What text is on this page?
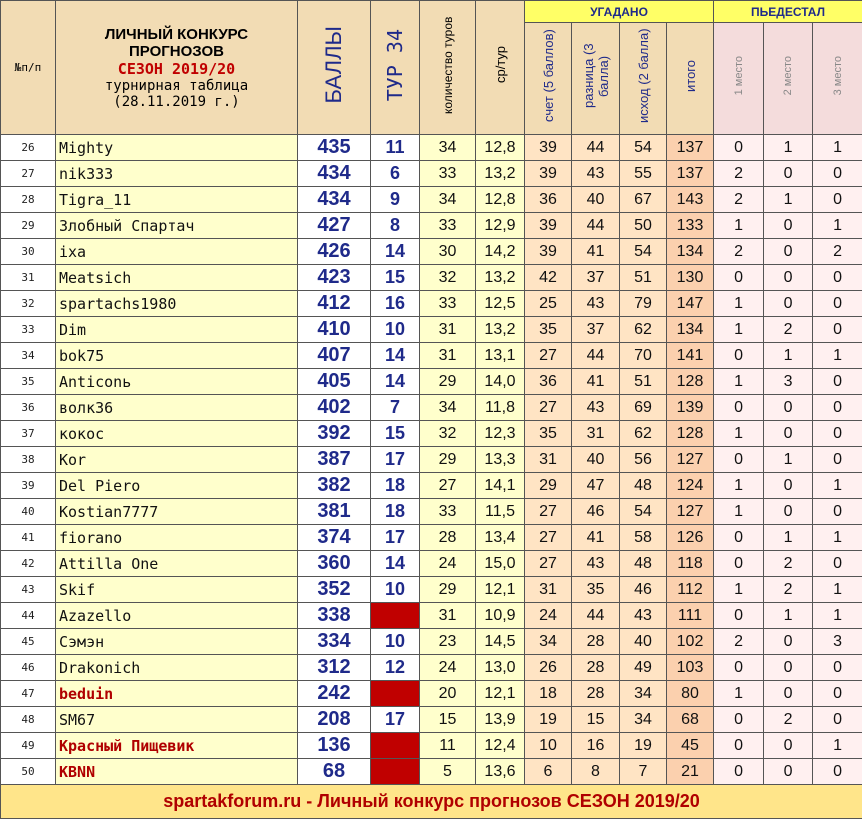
№п/п	ЛИЧНЫЙ КОНКУРС
ПРОГНОЗОВ
СЕЗОН 2019/20
турнирная таблица
(28.11.2019 г.)	БАЛЛЫ	ТУР 34	количество туров	ср/тур	УГАДАНО				ПЬЕДЕСТАЛ		
						счет (5 баллов)	разница (3 балла)	исход (2 балла)	итого	1 место	2 место	3 место
26	Mighty	435	11	34	12,8	39	44	54	137	0	1	1
27	nik333	434	6	33	13,2	39	43	55	137	2	0	0
28	Tigra_11	434	9	34	12,8	36	40	67	143	2	1	0
29	Злобный Спартач	427	8	33	12,9	39	44	50	133	1	0	1
30	ixa	426	14	30	14,2	39	41	54	134	2	0	2
31	Meatsich	423	15	32	13,2	42	37	51	130	0	0	0
32	spartachs1980	412	16	33	12,5	25	43	79	147	1	0	0
33	Dim	410	10	31	13,2	35	37	62	134	1	2	0
34	bok75	407	14	31	13,1	27	44	70	141	0	1	1
35	Anticonь	405	14	29	14,0	36	41	51	128	1	3	0
36	волк36	402	7	34	11,8	27	43	69	139	0	0	0
37	кокос	392	15	32	12,3	35	31	62	128	1	0	0
38	Kor	387	17	29	13,3	31	40	56	127	0	1	0
39	Del Piero	382	18	27	14,1	29	47	48	124	1	0	1
40	Kostian7777	381	18	33	11,5	27	46	54	127	1	0	0
41	fiorano	374	17	28	13,4	27	41	58	126	0	1	1
42	Attilla One	360	14	24	15,0	27	43	48	118	0	2	0
43	Skif	352	10	29	12,1	31	35	46	112	1	2	1
44	Azazello	338		31	10,9	24	44	43	111	0	1	1
45	Сэмэн	334	10	23	14,5	34	28	40	102	2	0	3
46	Drakonich	312	12	24	13,0	26	28	49	103	0	0	0
47	beduin	242		20	12,1	18	28	34	80	1	0	0
48	SM67	208	17	15	13,9	19	15	34	68	0	2	0
49	Красный Пищевик	136		11	12,4	10	16	19	45	0	0	1
50	KBNN	68		5	13,6	6	8	7	21	0	0	0
spartakforum.ru - Личный конкурс прогнозов СЕЗОН 2019/20												
